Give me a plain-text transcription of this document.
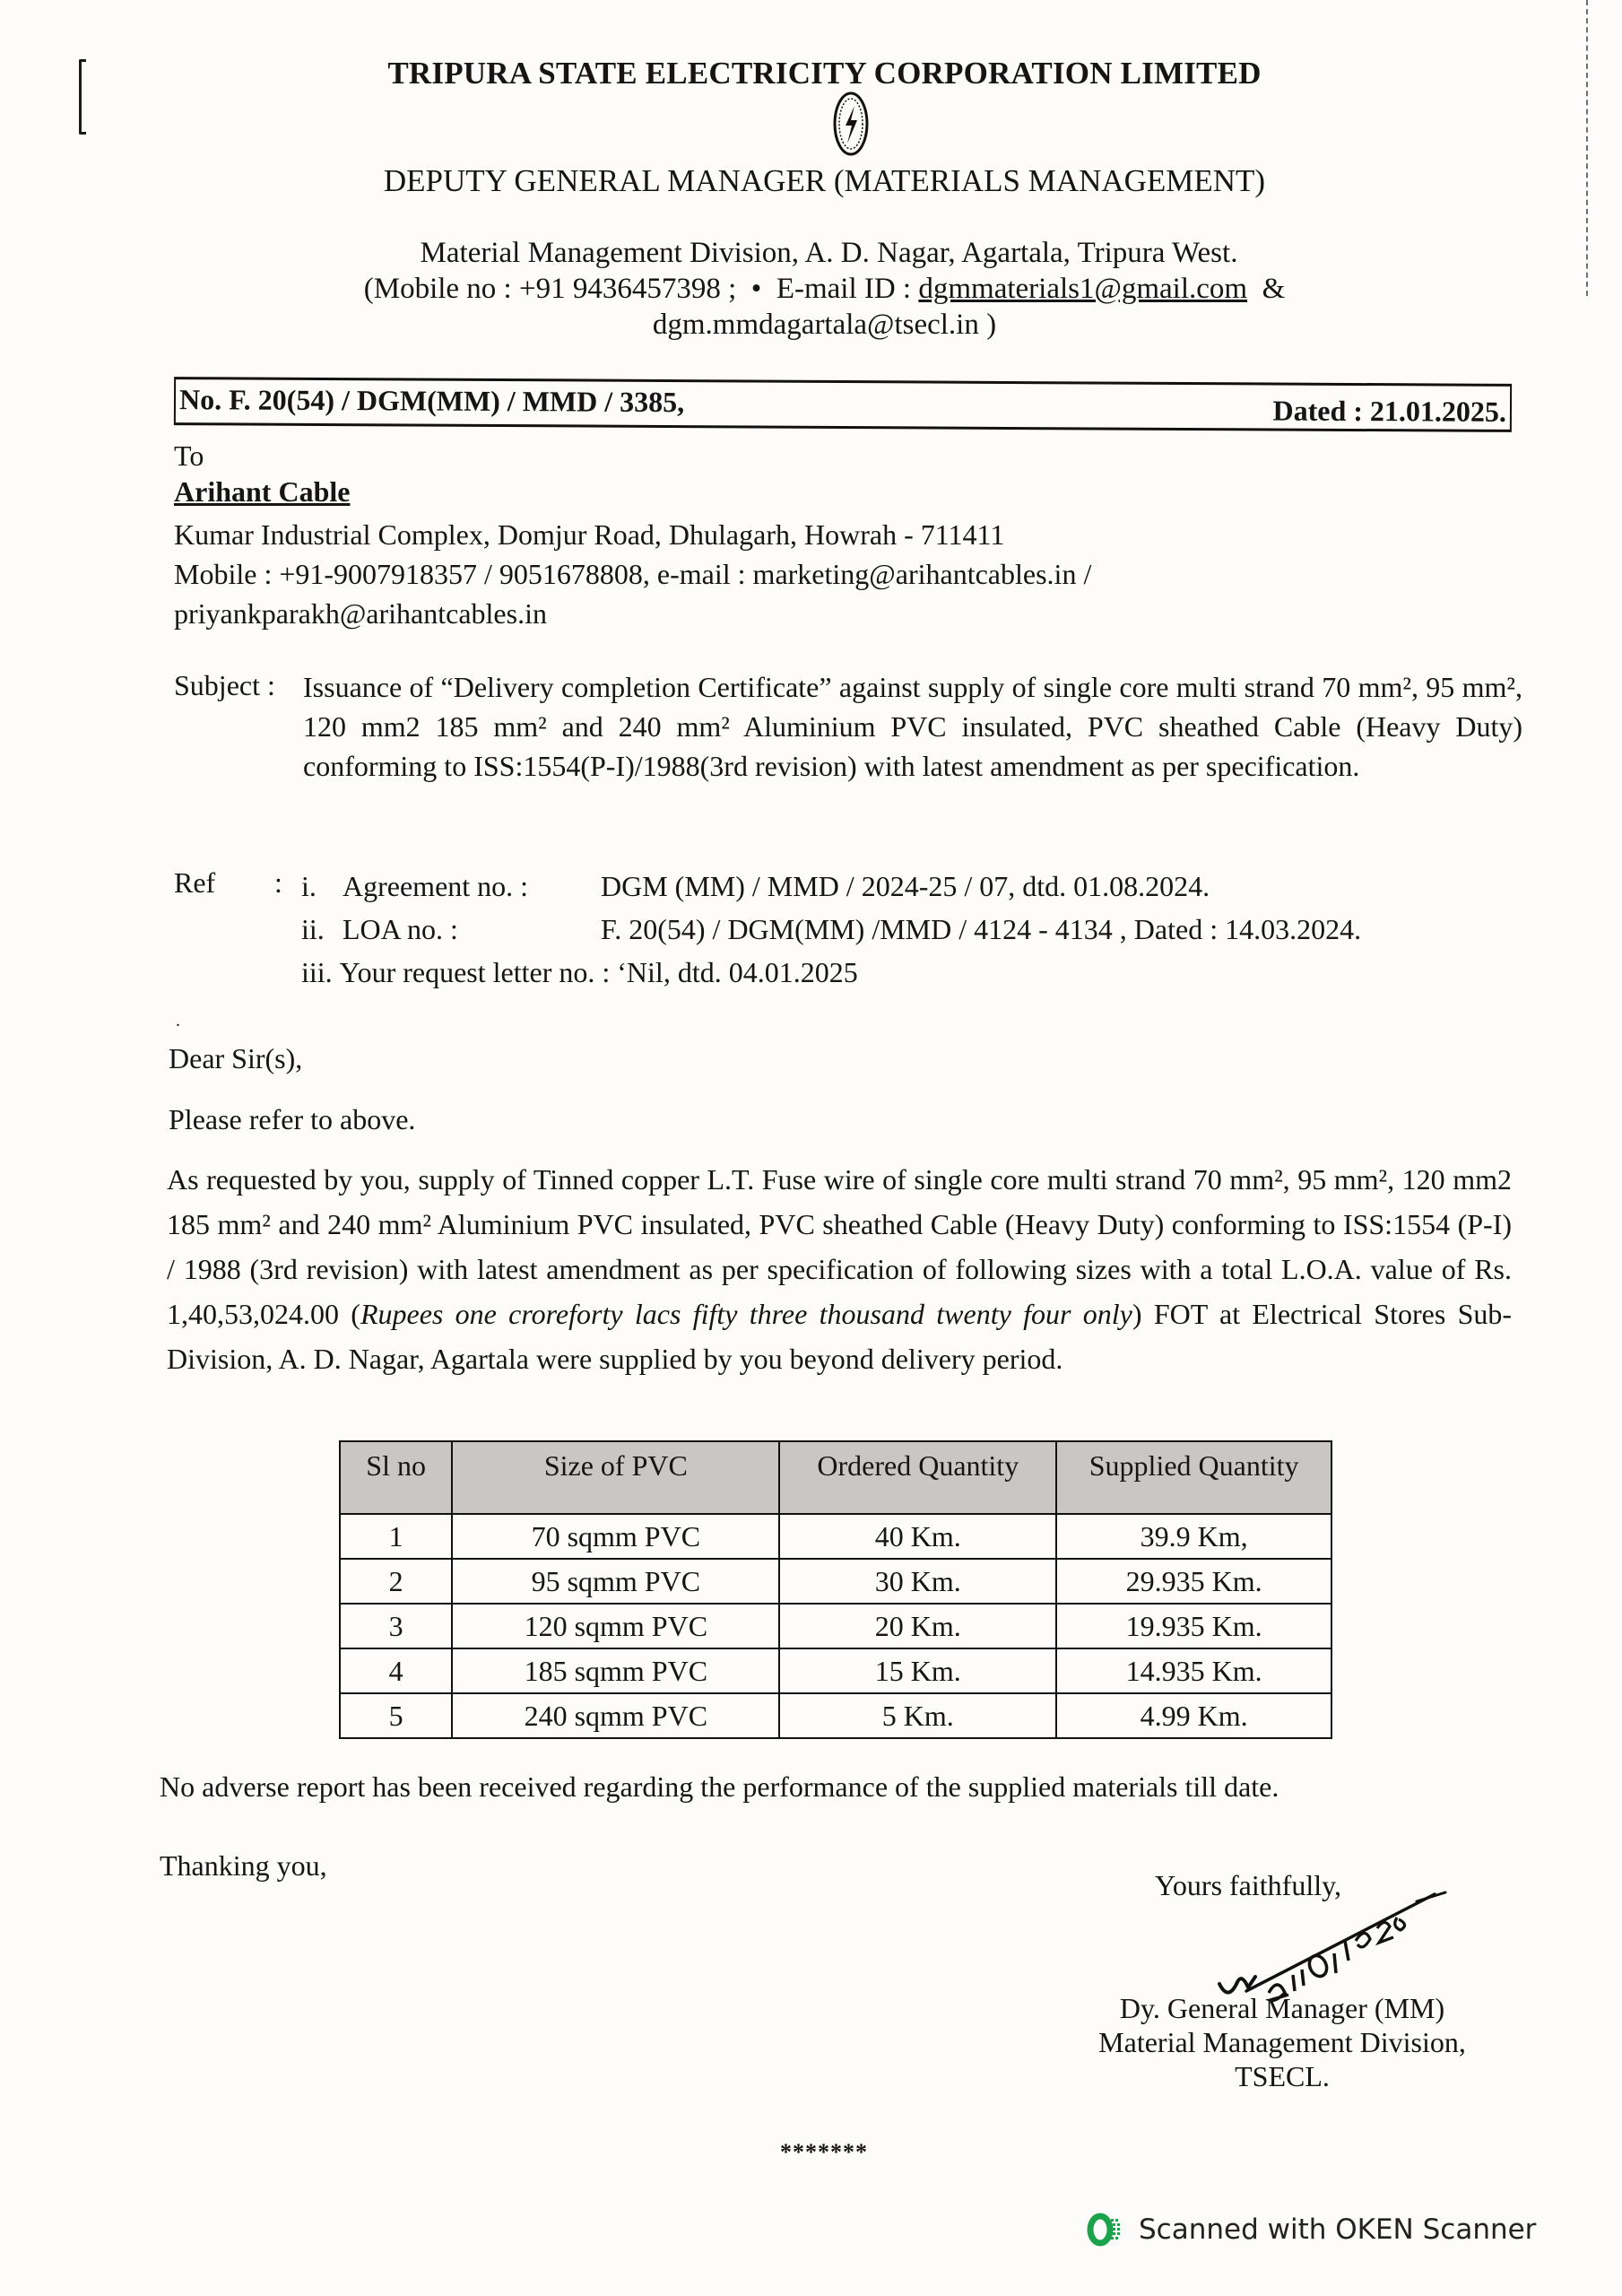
TRIPURA STATE ELECTRICITY CORPORATION LIMITED
DEPUTY GENERAL MANAGER (MATERIALS MANAGEMENT)
Material Management Division, A. D. Nagar, Agartala, Tripura West.
(Mobile no : +91 9436457398 ; • E-mail ID : dgmmaterials1@gmail.com &
dgm.mmdagartala@tsecl.in )
No. F. 20(54) / DGM(MM) / MMD / 3385,	Dated : 21.01.2025.
To
Arihant Cable
Kumar Industrial Complex, Domjur Road, Dhulagarh, Howrah - 711411
Mobile : +91-9007918357 / 9051678808, e-mail : marketing@arihantcables.in /
priyankparakh@arihantcables.in
Subject : Issuance of “Delivery completion Certificate” against supply of single core multi strand 70 mm², 95 mm², 120 mm2 185 mm² and 240 mm² Aluminium PVC insulated, PVC sheathed Cable (Heavy Duty) conforming to ISS:1554(P-I)/1988(3rd revision) with latest amendment as per specification.
Ref : i. Agreement no. :	DGM (MM) / MMD / 2024-25 / 07, dtd. 01.08.2024.
ii. LOA no. :	F. 20(54) / DGM(MM) /MMD / 4124 - 4134 , Dated : 14.03.2024.
iii. Your request letter no. : ‘Nil, dtd. 04.01.2025
.
Dear Sir(s),
Please refer to above.
As requested by you, supply of Tinned copper L.T. Fuse wire of single core multi strand 70 mm², 95 mm², 120 mm2 185 mm² and 240 mm² Aluminium PVC insulated, PVC sheathed Cable (Heavy Duty) conforming to ISS:1554 (P-I) / 1988 (3rd revision) with latest amendment as per specification of following sizes with a total L.O.A. value of Rs. 1,40,53,024.00 (Rupees one croreforty lacs fifty three thousand twenty four only) FOT at Electrical Stores Sub-Division, A. D. Nagar, Agartala were supplied by you beyond delivery period.
Sl no	Size of PVC	Ordered Quantity	Supplied Quantity
1	70 sqmm PVC	40 Km.	39.9 Km,
2	95 sqmm PVC	30 Km.	29.935 Km.
3	120 sqmm PVC	20 Km.	19.935 Km.
4	185 sqmm PVC	15 Km.	14.935 Km.
5	240 sqmm PVC	5 Km.	4.99 Km.
No adverse report has been received regarding the performance of the supplied materials till date.
Thanking you,
Yours faithfully,
Dy. General Manager (MM)
Material Management Division,
TSECL.
*******
Scanned with OKEN Scanner
